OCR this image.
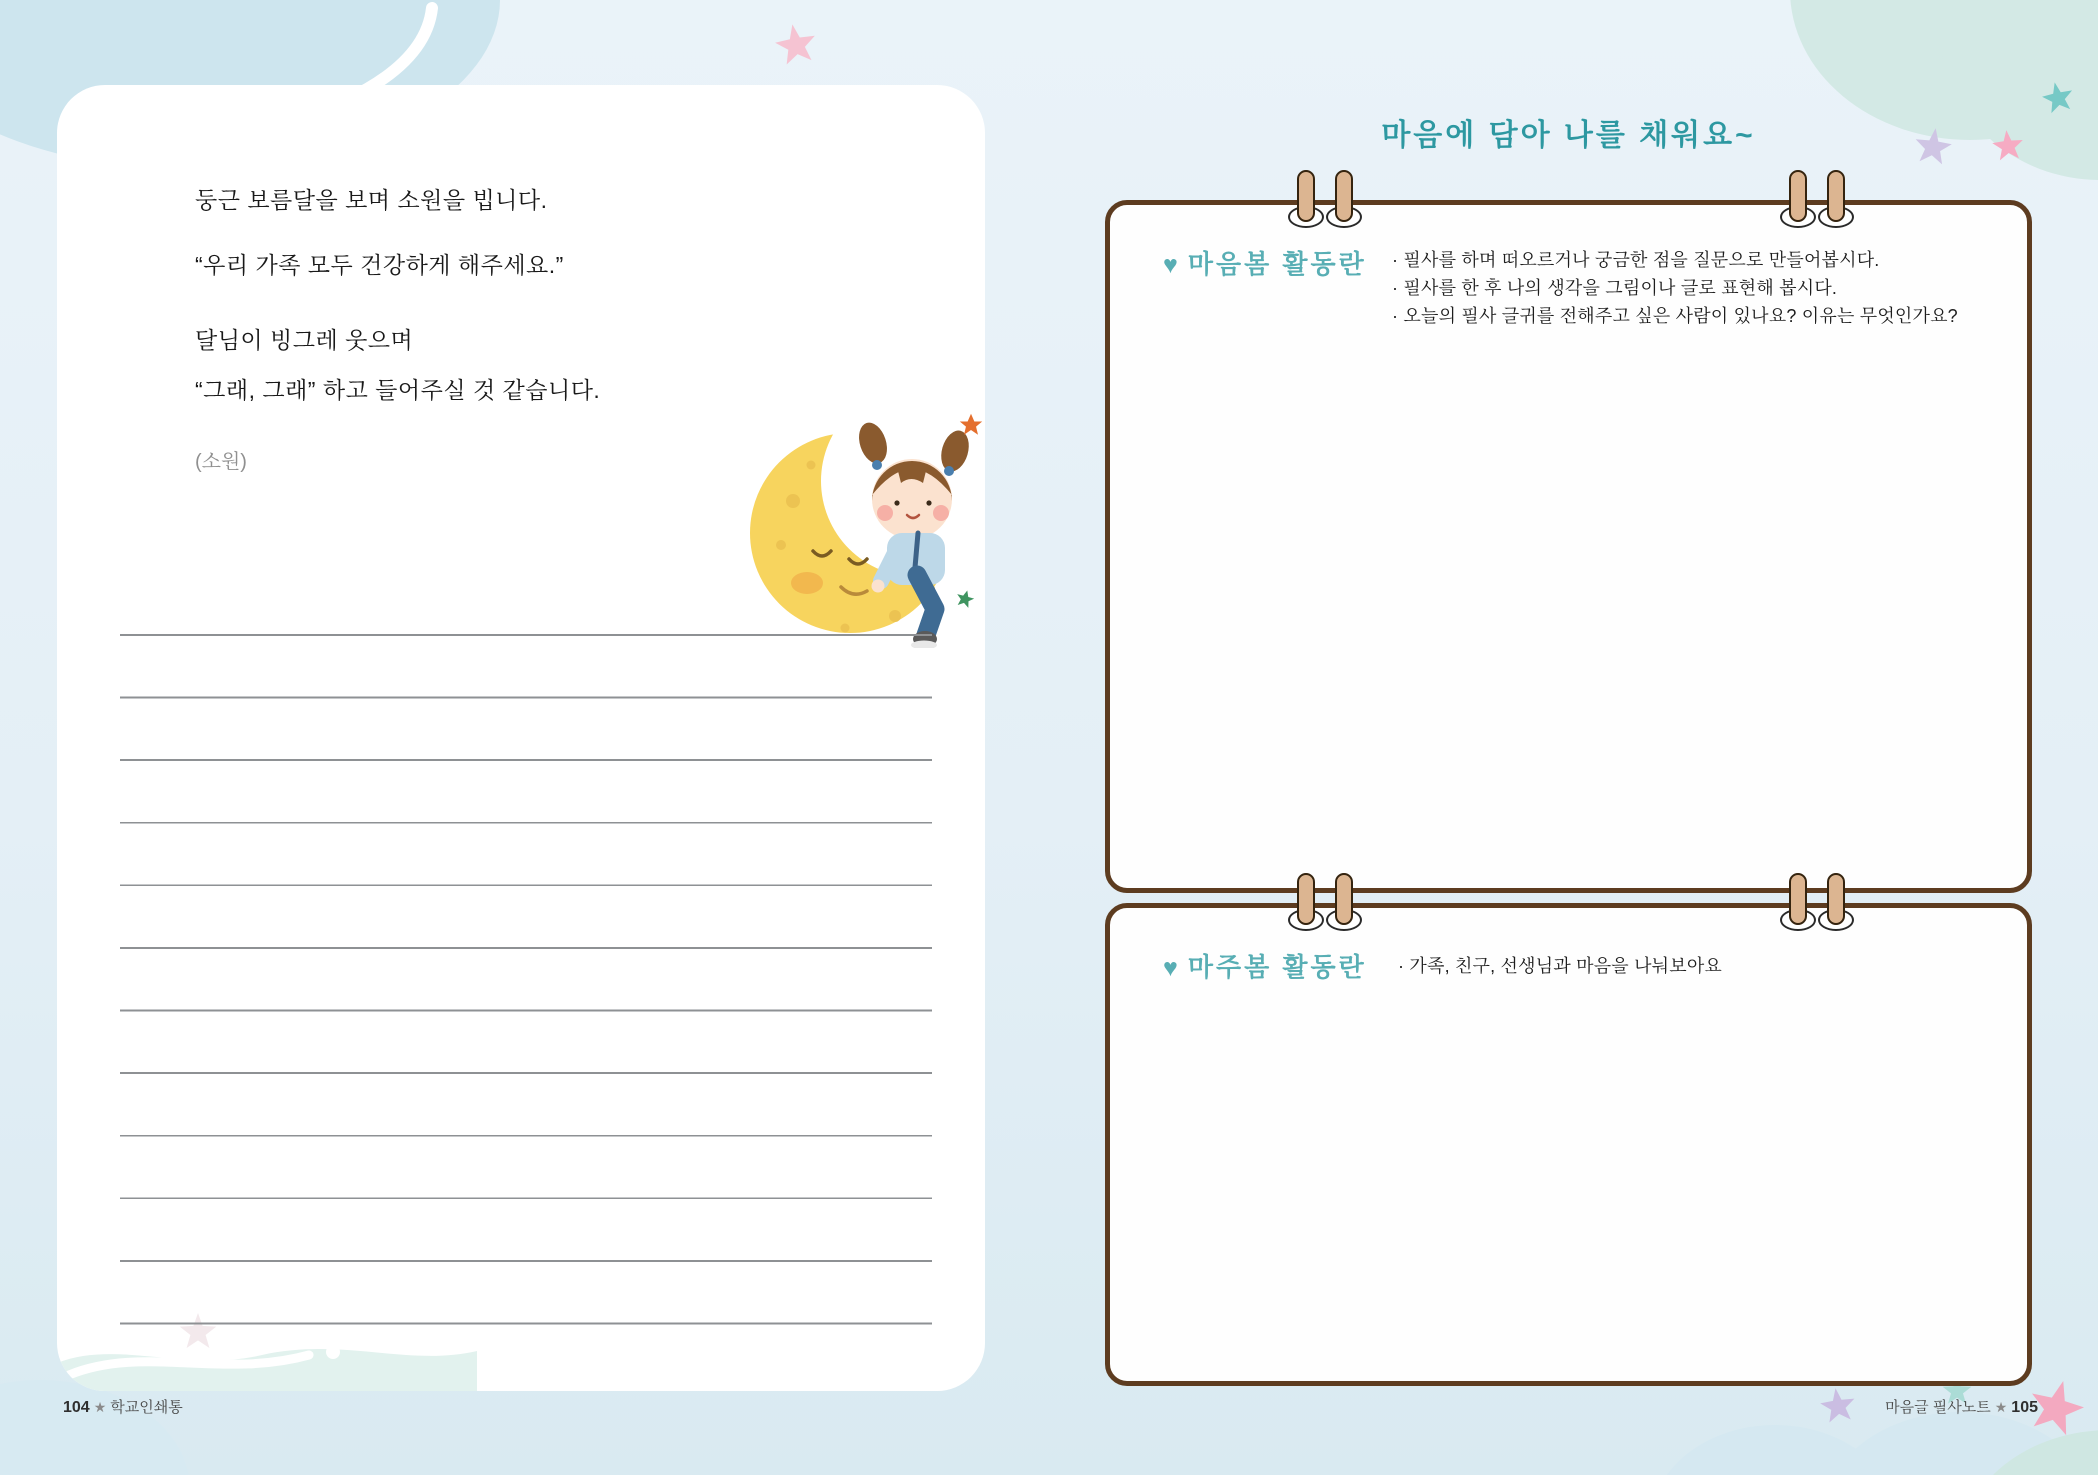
둥근 보름달을 보며 소원을 빕니다.
“우리 가족 모두 건강하게 해주세요.”
달님이 빙그레 웃으며
“그래, 그래” 하고 들어주실 것 같습니다.
(소원)
마음에 담아 나를 채워요~
♥ 마음봄 활동란 · 필사를 하며 떠오르거나 궁금한 점을 질문으로 만들어봅시다.
· 필사를 한 후 나의 생각을 그림이나 글로 표현해 봅시다.
· 오늘의 필사 글귀를 전해주고 싶은 사람이 있나요? 이유는 무엇인가요?
♥ 마주봄 활동란 · 가족, 친구, 선생님과 마음을 나눠보아요
104 ★ 학교인쇄통	마음글 필사노트 ★ 105
